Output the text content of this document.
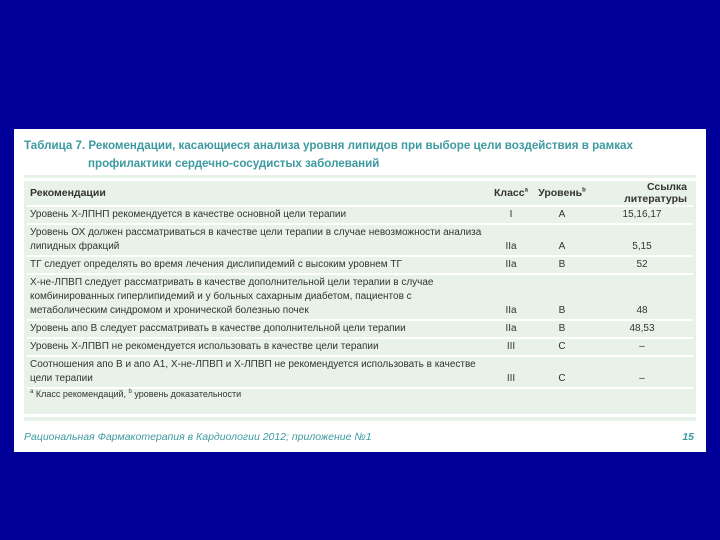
Таблица 7. Рекомендации, касающиеся анализа уровня липидов при выборе цели воздействия в рамках
профилактики сердечно-сосудистых заболеваний
Рекомендации	Класс$^a$	Уровень$^b$	Ссылка литературы
Уровень Х-ЛПНП рекомендуется в качестве основной цели терапии	I	A	15,16,17
Уровень ОХ должен рассматриваться в качестве цели терапии в случае невозможности анализа липидных фракций	IIa	A	5,15
ТГ следует определять во время лечения дислипидемий с высоким уровнем ТГ	IIa	B	52
Х-не-ЛПВП следует рассматривать в качестве дополнительной цели терапии в случае комбинированных гиперлипидемий и у больных сахарным диабетом, пациентов с метаболическим синдромом и хронической болезнью почек	IIa	B	48
Уровень апо В следует рассматривать в качестве дополнительной цели терапии	IIa	B	48,53
Уровень Х-ЛПВП не рекомендуется использовать в качестве цели терапии	III	C	–
Соотношения апо В и апо А1, Х-не-ЛПВП и Х-ЛПВП не рекомендуется использовать в качестве цели терапии	III	C	–
$^a$ Класс рекомендаций, $^b$ уровень доказательности
Рациональная Фармакотерапия в Кардиологии 2012; приложение №1	15
